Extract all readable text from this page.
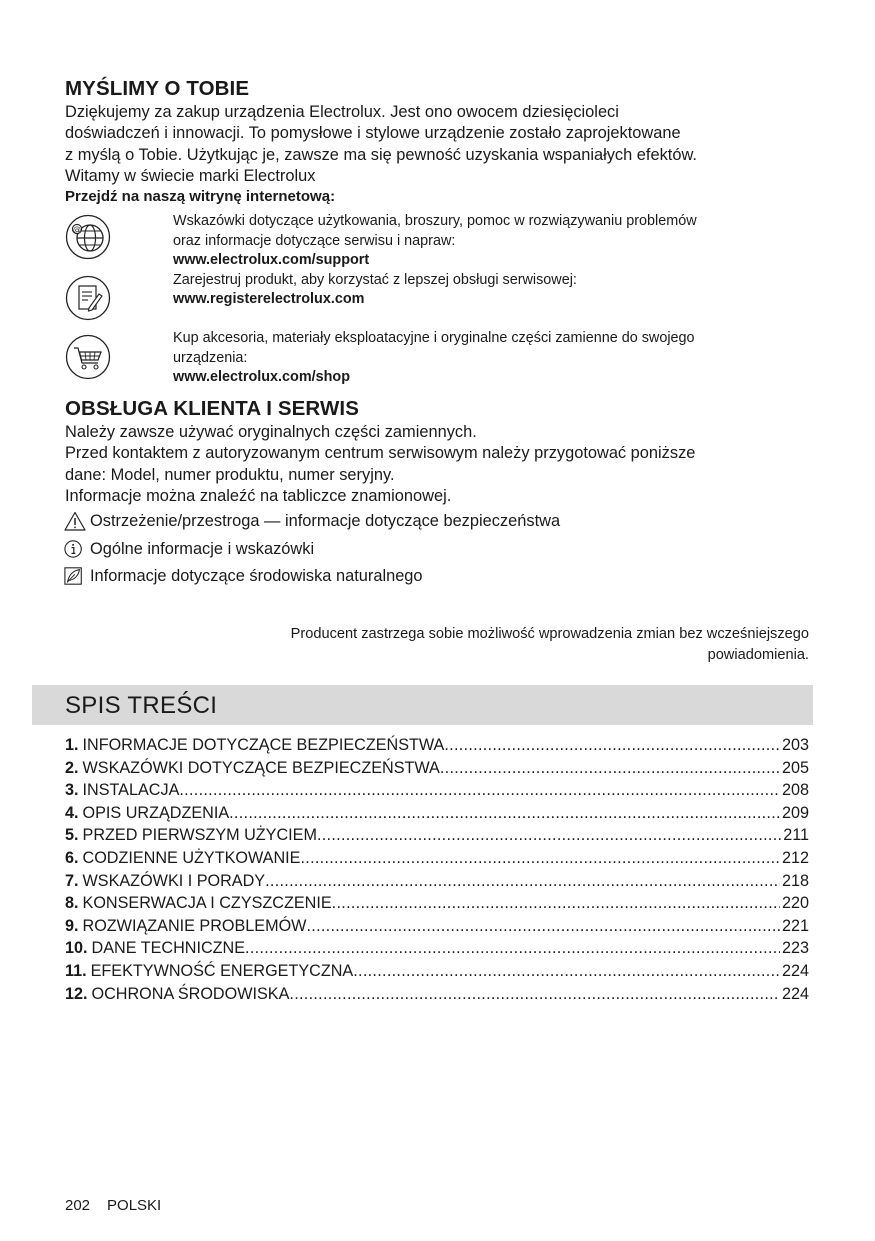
MYŚLIMY O TOBIE
Dziękujemy za zakup urządzenia Electrolux. Jest ono owocem dziesięcioleci
doświadczeń i innowacji. To pomysłowe i stylowe urządzenie zostało zaprojektowane
z myślą o Tobie. Użytkując je, zawsze ma się pewność uzyskania wspaniałych efektów.
Witamy w świecie marki Electrolux
Przejdź na naszą witrynę internetową:
@
Wskazówki dotyczące użytkowania, broszury, pomoc w rozwiązywaniu problemów
oraz informacje dotyczące serwisu i napraw:
www.electrolux.com/support
Zarejestruj produkt, aby korzystać z lepszej obsługi serwisowej:
www.registerelectrolux.com
Kup akcesoria, materiały eksploatacyjne i oryginalne części zamienne do swojego
urządzenia:
www.electrolux.com/shop
OBSŁUGA KLIENTA I SERWIS
Należy zawsze używać oryginalnych części zamiennych.
Przed kontaktem z autoryzowanym centrum serwisowym należy przygotować poniższe
dane: Model, numer produktu, numer seryjny.
Informacje można znaleźć na tabliczce znamionowej.
Ostrzeżenie/przestroga — informacje dotyczące bezpieczeństwa
Ogólne informacje i wskazówki
Informacje dotyczące środowiska naturalnego
Producent zastrzega sobie możliwość wprowadzenia zmian bez wcześniejszego
powiadomienia.
SPIS TREŚCI
1. INFORMACJE DOTYCZĄCE BEZPIECZEŃSTWA .....	203
2. WSKAZÓWKI DOTYCZĄCE BEZPIECZEŃSTWA .....	205
3. INSTALACJA .....	208
4. OPIS URZĄDZENIA .....	209
5. PRZED PIERWSZYM UŻYCIEM .....	211
6. CODZIENNE UŻYTKOWANIE .....	212
7. WSKAZÓWKI I PORADY .....	218
8. KONSERWACJA I CZYSZCZENIE .....	220
9. ROZWIĄZANIE PROBLEMÓW .....	221
10. DANE TECHNICZNE .....	223
11. EFEKTYWNOŚĆ ENERGETYCZNA .....	224
12. OCHRONA ŚRODOWISKA .....	224
202 POLSKI
